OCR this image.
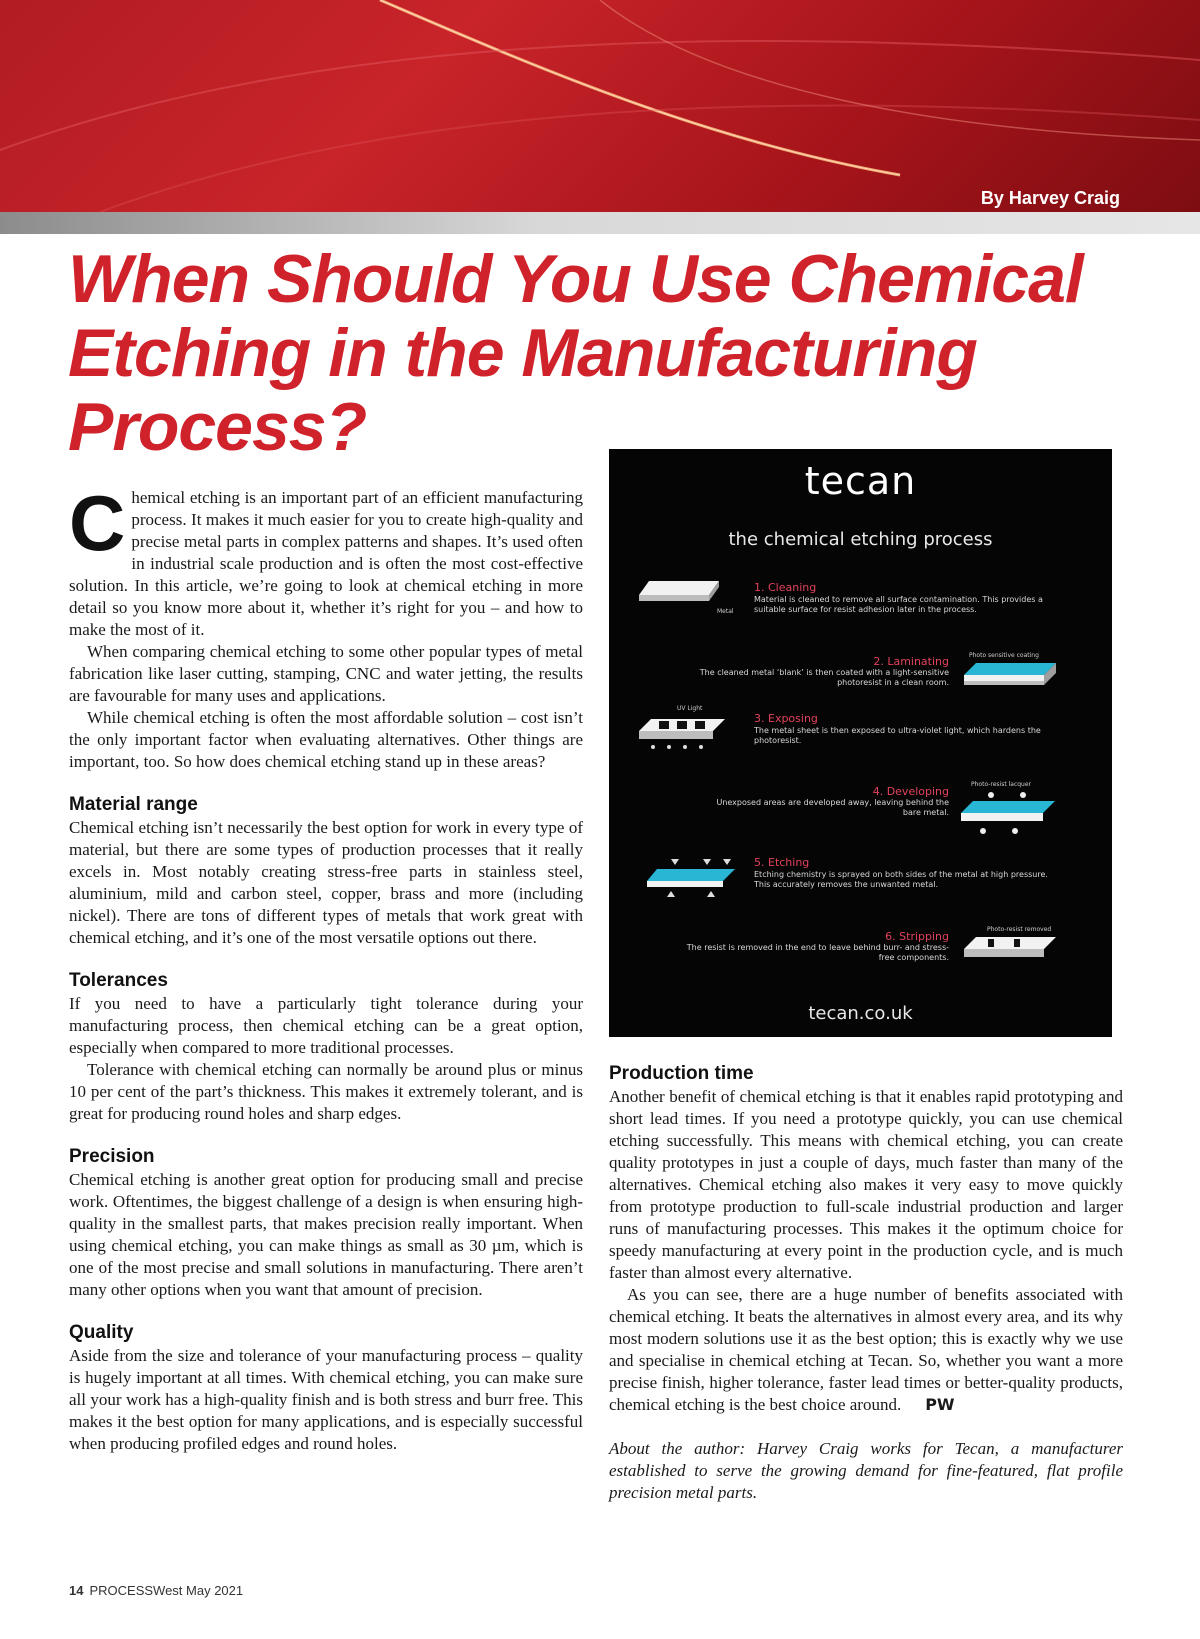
By Harvey Craig
When Should You Use Chemical Etching in the Manufacturing Process?
C hemical etching is an important part of an efficient manufacturing process. It makes it much easier for you to create high-quality and precise metal parts in complex patterns and shapes. It’s used often in industrial scale production and is often the most cost-effective solution. In this article, we’re going to look at chemical etching in more detail so you know more about it, whether it’s right for you – and how to make the most of it.

When comparing chemical etching to some other popular types of metal fabrication like laser cutting, stamping, CNC and water jetting, the results are favourable for many uses and applications.

While chemical etching is often the most affordable solution – cost isn’t the only important factor when evaluating alternatives. Other things are important, too. So how does chemical etching stand up in these areas?

Material range

Chemical etching isn’t necessarily the best option for work in every type of material, but there are some types of production processes that it really excels in. Most notably creating stress-free parts in stainless steel, aluminium, mild and carbon steel, copper, brass and more (including nickel). There are tons of different types of metals that work great with chemical etching, and it’s one of the most versatile options out there.

Tolerances

If you need to have a particularly tight tolerance during your manufacturing process, then chemical etching can be a great option, especially when compared to more traditional processes.

Tolerance with chemical etching can normally be around plus or minus 10 per cent of the part’s thickness. This makes it extremely tolerant, and is great for producing round holes and sharp edges.

Precision

Chemical etching is another great option for producing small and precise work. Oftentimes, the biggest challenge of a design is when ensuring high-quality in the smallest parts, that makes precision really important. When using chemical etching, you can make things as small as 30 µm, which is one of the most precise and small solutions in manufacturing. There aren’t many other options when you want that amount of precision.

Quality

Aside from the size and tolerance of your manufacturing process – quality is hugely important at all times. With chemical etching, you can make sure all your work has a high-quality finish and is both stress and burr free. This makes it the best option for many applications, and is especially successful when producing profiled edges and round holes.

tecan
the chemical etching process
Metal
1. Cleaning
Material is cleaned to remove all surface contamination. This provides a suitable surface for resist adhesion later in the process.
Photo sensitive coating
2. Laminating
The cleaned metal ‘blank’ is then coated with a light-sensitive photoresist in a clean room.
UV Light
3. Exposing
The metal sheet is then exposed to ultra-violet light, which hardens the photoresist.
Photo-resist lacquer
4. Developing
Unexposed areas are developed away, leaving behind the bare metal.
5. Etching
Etching chemistry is sprayed on both sides of the metal at high pressure. This accurately removes the unwanted metal.
Photo-resist removed
6. Stripping
The resist is removed in the end to leave behind burr- and stress-free components.
tecan.co.uk
Production time

Another benefit of chemical etching is that it enables rapid prototyping and short lead times. If you need a prototype quickly, you can use chemical etching successfully. This means with chemical etching, you can create quality prototypes in just a couple of days, much faster than many of the alternatives. Chemical etching also makes it very easy to move quickly from prototype production to full-scale industrial production and larger runs of manufacturing processes. This makes it the optimum choice for speedy manufacturing at every point in the production cycle, and is much faster than almost every alternative.

As you can see, there are a huge number of benefits associated with chemical etching. It beats the alternatives in almost every area, and its why most modern solutions use it as the best option; this is exactly why we use and specialise in chemical etching at Tecan. So, whether you want a more precise finish, higher tolerance, faster lead times or better-quality products, chemical etching is the best choice around. PW

About the author: Harvey Craig works for Tecan, a manufacturer established to serve the growing demand for fine-featured, flat profile precision metal parts.

14 PROCESSWest May 2021
